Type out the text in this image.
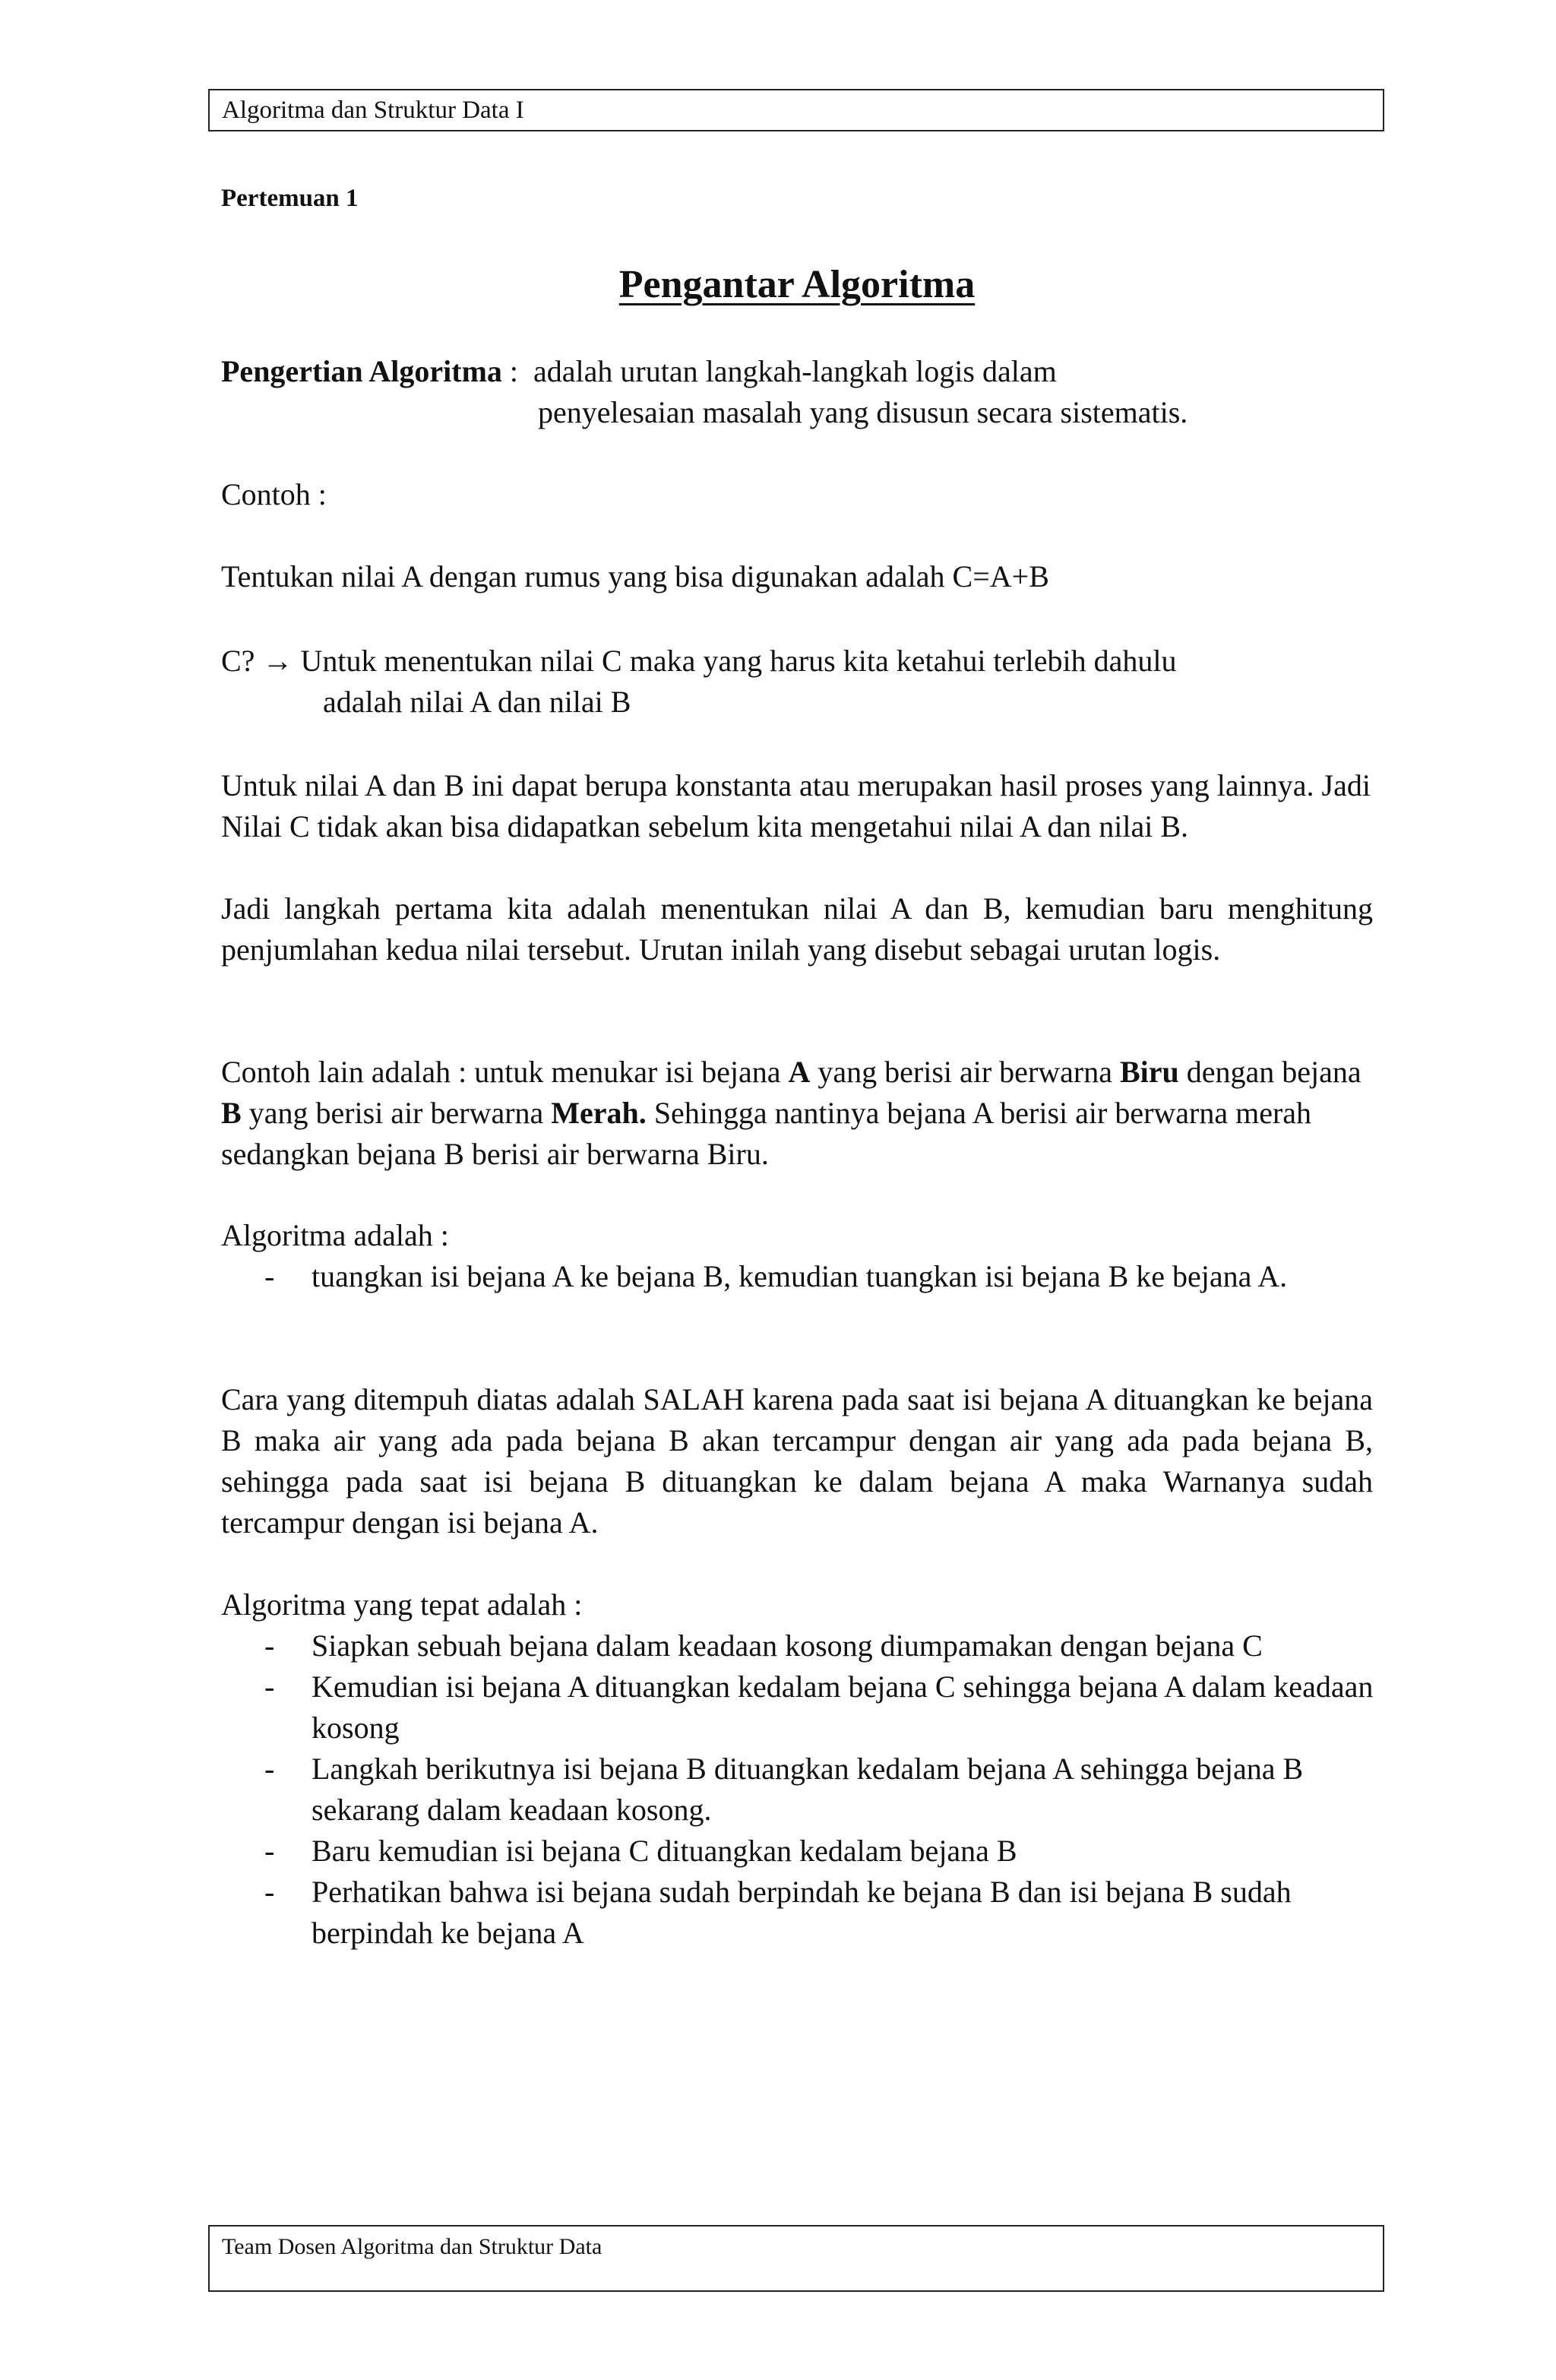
Algoritma dan Struktur Data I
Pertemuan 1
Pengantar Algoritma
Pengertian Algoritma :  adalah urutan langkah-langkah logis dalam
penyelesaian masalah yang disusun secara sistematis.
Contoh :
Tentukan nilai A dengan rumus yang bisa digunakan adalah C=A+B
C? → Untuk menentukan nilai C maka yang harus kita ketahui terlebih dahulu
adalah nilai A dan nilai B
Untuk nilai A dan B ini dapat berupa konstanta atau merupakan hasil proses yang lainnya. Jadi Nilai C tidak akan bisa didapatkan sebelum kita mengetahui nilai A dan nilai B.
Jadi langkah pertama kita adalah menentukan nilai A dan B, kemudian baru menghitung penjumlahan kedua nilai tersebut. Urutan inilah yang disebut sebagai urutan logis.
Contoh lain adalah : untuk menukar isi bejana A yang berisi air berwarna Biru dengan bejana B yang berisi air berwarna Merah. Sehingga nantinya bejana A berisi air berwarna merah sedangkan bejana B berisi air berwarna Biru.
Algoritma adalah :
- tuangkan isi bejana A ke bejana B, kemudian tuangkan isi bejana B ke bejana A.
Cara yang ditempuh diatas adalah SALAH karena pada saat isi bejana A dituangkan ke bejana B maka air yang ada pada bejana B akan tercampur dengan air yang ada pada bejana B, sehingga pada saat isi bejana B dituangkan ke dalam bejana A maka Warnanya sudah tercampur dengan isi bejana A.
Algoritma yang tepat adalah :
- Siapkan sebuah bejana dalam keadaan kosong diumpamakan dengan bejana C
- Kemudian isi bejana A dituangkan kedalam bejana C sehingga bejana A dalam keadaan kosong
- Langkah berikutnya isi bejana B dituangkan kedalam bejana A sehingga bejana B sekarang dalam keadaan kosong.
- Baru kemudian isi bejana C dituangkan kedalam bejana B
- Perhatikan bahwa isi bejana sudah berpindah ke bejana B dan isi bejana B sudah berpindah ke bejana A
Team Dosen Algoritma dan Struktur Data
